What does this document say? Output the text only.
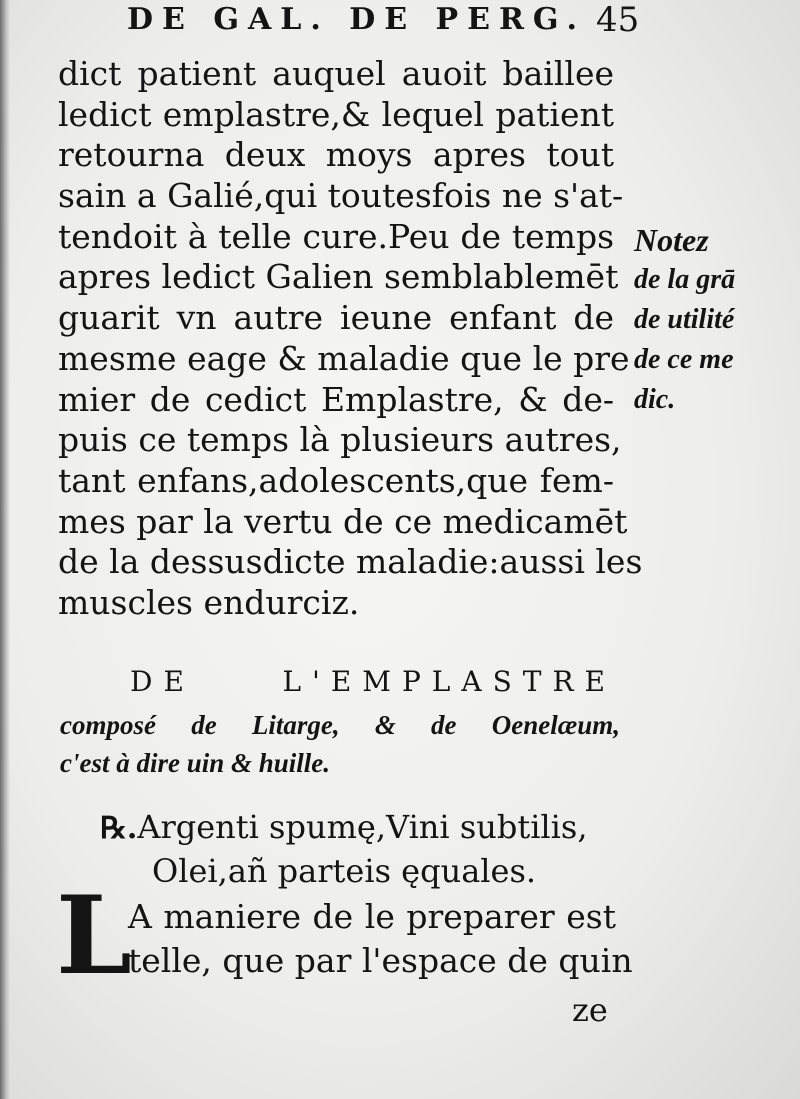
DE GAL. DE PERG. 45
dict patient auquel auoit baillee
ledict emplastre,& lequel patient
retourna deux moys apres tout
sain a Galié,qui toutesfois ne s'at-
tendoit à telle cure.Peu de temps
apres ledict Galien semblablemēt
guarit vn autre ieune enfant de
mesme eage & maladie que le pre
mier de cedict Emplastre, & de-
puis ce temps là plusieurs autres,
tant enfans,adolescents,que fem-
mes par la vertu de ce medicamēt
de la dessusdicte maladie:aussi les
muscles endurciz.
Notez
de la grā
de utilité
de ce me
dic.
DE L'EMPLASTRE
composé de Litarge, & de Oenelæum,
c'est à dire uin & huille.
℞.Argenti spumę,Vini subtilis,
Olei,añ parteis ęquales.
L
A maniere de le preparer est
telle, que par l'espace de quin
ze
